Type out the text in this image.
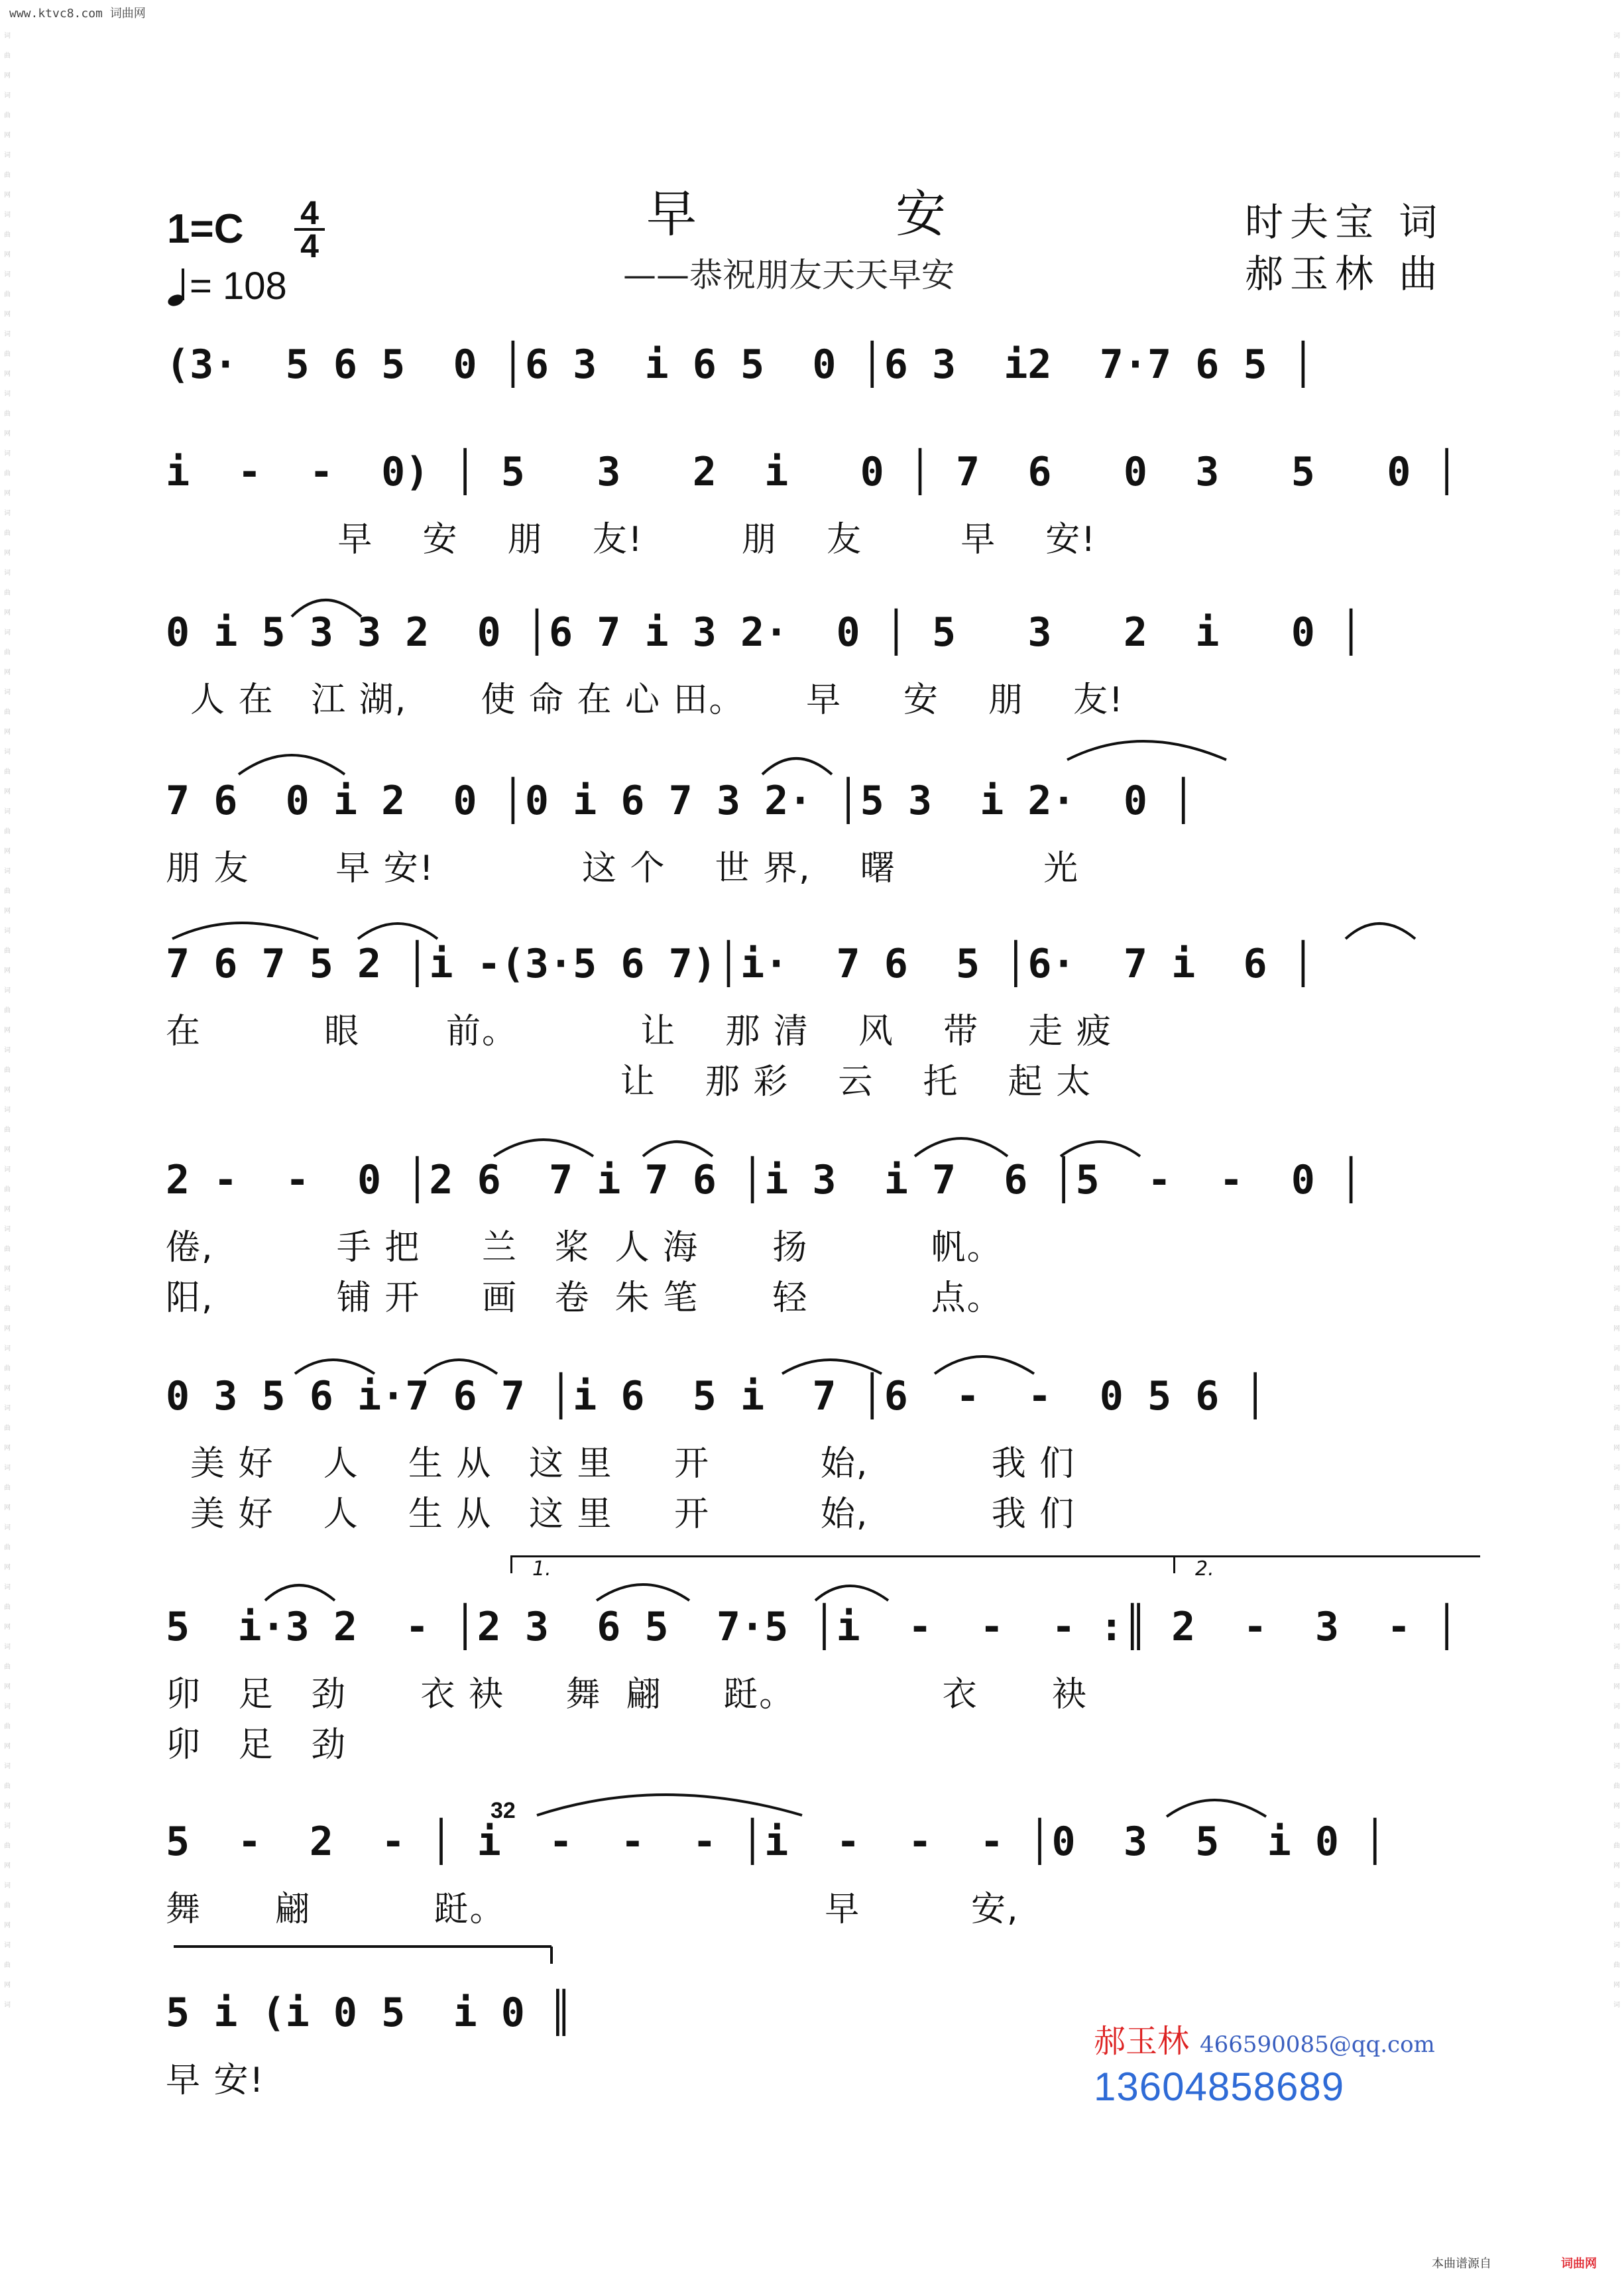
www.ktvc8.com 词曲网
词
曲
网
词
曲
网
词
曲
网
词
曲
网
词
曲
网
词
曲
网
词
曲
网
词
曲
网
词
曲
网
词
曲
网
词
曲
网
词
曲
网
词
曲
网
词
曲
网
词
曲
网
词
曲
网
词
曲
网
词
曲
网
词
曲
网
词
曲
网
词
曲
网
词
曲
网
词
曲
网
词
曲
网
词
曲
网
词
曲
网
词
曲
网
词
曲
网
词
曲
网
词
曲
网
词
曲
网
词
曲
网
词
曲
网
词
词
曲
网
词
曲
网
词
曲
网
词
曲
网
词
曲
网
词
曲
网
词
曲
网
词
曲
网
词
曲
网
词
曲
网
词
曲
网
词
曲
网
词
曲
网
词
曲
网
词
曲
网
词
曲
网
词
曲
网
词
曲
网
词
曲
网
词
曲
网
词
曲
网
词
曲
网
词
曲
网
词
曲
网
词
曲
网
词
曲
网
词
曲
网
词
曲
网
词
曲
网
词
曲
网
词
曲
网
词
曲
网
词
曲
网
词
1=C 4
4
= 108
早安
——恭祝朋友天天早安
时夫宝 词
郝玉林 曲
(3·  5 6 5  0 │6 3  i 6 5  0 │6 3  i2  7·7 6 5 │
i  -  -  0) │ 5   3   2  i   0 │ 7  6   0  3   5   0 │
早    安    朋    友!        朋    友        早    安!
0 i 5 3 3 2  0 │6 7 i 3 2·  0 │ 5   3   2  i   0 │
人 在   江 湖,      使 命 在 心 田。     早     安    朋    友!
7 6  0 i 2  0 │0 i 6 7 3 2· │5 3  i 2·  0 │
朋 友       早 安!            这 个    世 界,    曙            光
7 6 7 5 2 │i -(3·5 6 7)│i·  7 6  5 │6·  7 i  6 │
在          眼       前。          让    那 清    风    带    走 疲
让    那 彩    云    托    起 太
2 -  -  0 │2 6  7 i 7 6 │i 3  i 7  6 │5  -  -  0 │
倦,          手 把     兰   桨  人 海      扬          帆。
阳,          铺 开     画   卷  朱 笔      轻          点。
0 3 5 6 i·7 6 7 │i 6  5 i  7 │6  -  -  0 5 6 │
美 好    人    生 从   这 里     开         始,          我 们
美 好    人    生 从   这 里     开         始,          我 们
1.	2.
5  i·3 2  - │2 3  6 5  7·5 │i  -  -  - :║ 2  -  3  - │
卯   足   劲      衣 袂     舞  翩     跹。            衣      袂
卯   足   劲
32
5  -  2  - │ i  -  -  - │i  -  -  - │0  3  5  i 0 │
舞      翩          跹。                          早         安,
5 i (i 0 5  i 0 ║
早 安!
郝玉林 466590085@qq.com
13604858689
本曲谱源自	词曲网
